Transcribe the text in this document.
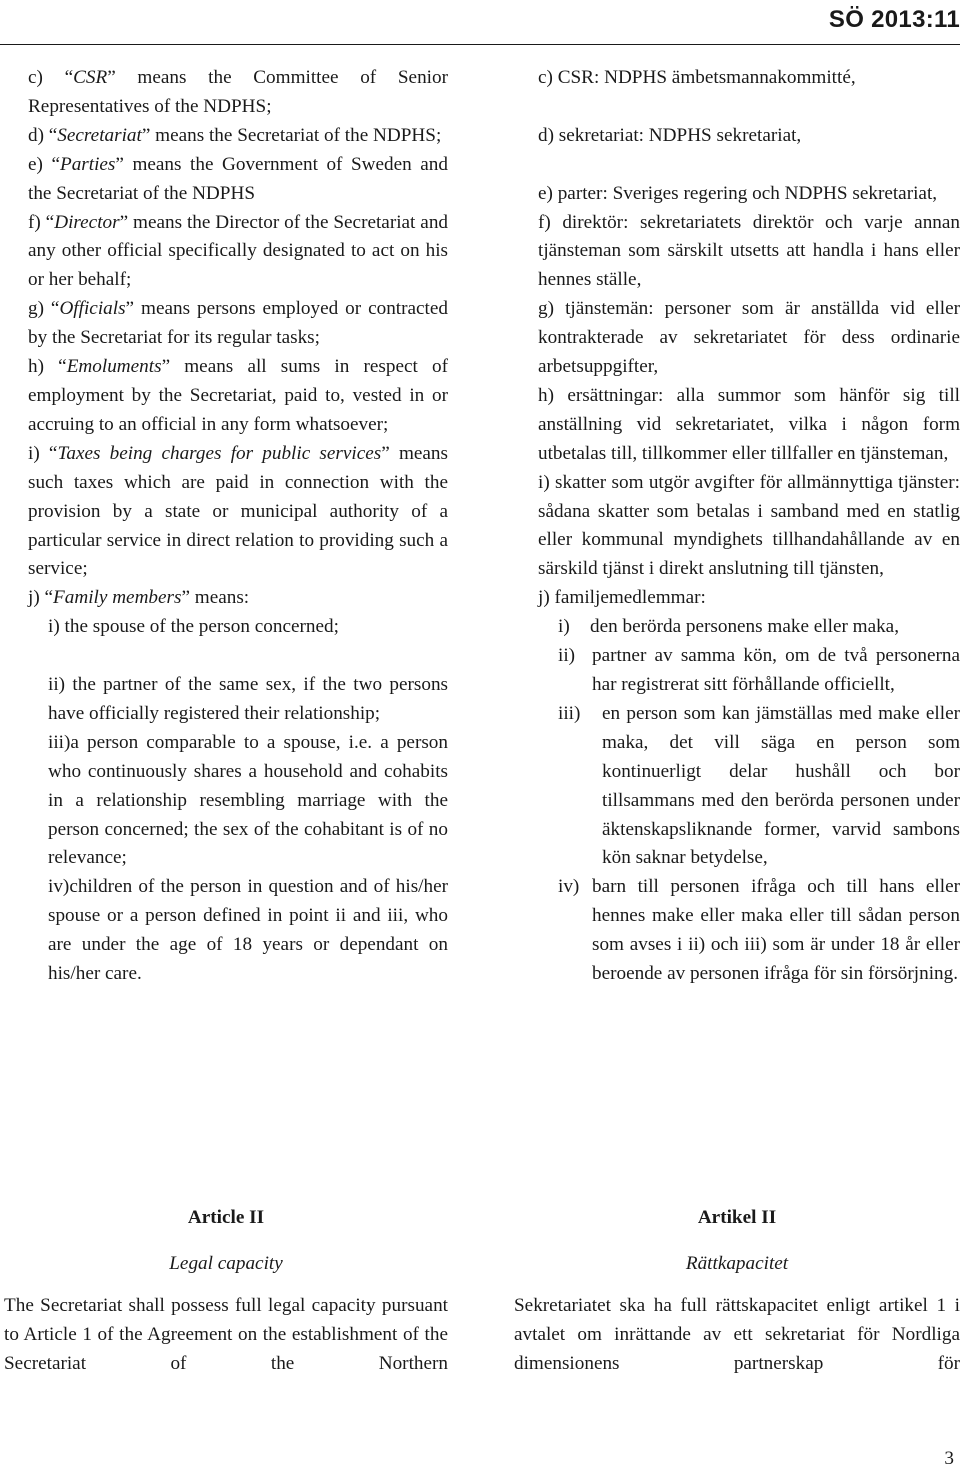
SÖ 2013:11

c) “CSR” means the Committee of Senior Representatives of the NDPHS;

d) “Secretariat” means the Secretariat of the NDPHS;

e) “Parties” means the Government of Sweden and the Secretariat of the NDPHS

f) “Director” means the Director of the Secretariat and any other official specifically designated to act on his or her behalf;

g) “Officials” means persons employed or contracted by the Secretariat for its regular tasks;

h) “Emoluments” means all sums in respect of employment by the Secretariat, paid to, vested in or accruing to an official in any form whatsoever;

i) “Taxes being charges for public services” means such taxes which are paid in connection with the provision by a state or municipal authority of a particular service in direct relation to providing such a service;

j) “Family members” means:

i) the spouse of the person concerned;

ii) the partner of the same sex, if the two persons have officially registered their relationship;

iii)a person comparable to a spouse, i.e. a person who continuously shares a household and cohabits in a relationship resembling marriage with the person concerned; the sex of the cohabitant is of no relevance;

iv)children of the person in question and of his/her spouse or a person defined in point ii and iii, who are under the age of 18 years or dependant on his/her care.

c) CSR: NDPHS ämbetsmannakommitté,

d) sekretariat: NDPHS sekretariat,

e) parter: Sveriges regering och NDPHS sekretariat,

f) direktör: sekretariatets direktör och varje annan tjänsteman som särskilt utsetts att handla i hans eller hennes ställe,

g) tjänstemän: personer som är anställda vid eller kontrakterade av sekretariatet för dess ordinarie arbetsuppgifter,

h) ersättningar: alla summor som hänför sig till anställning vid sekretariatet, vilka i någon form utbetalas till, tillkommer eller tillfaller en tjänsteman,

i) skatter som utgör avgifter för allmännyttiga tjänster: sådana skatter som betalas i samband med en statlig eller kommunal myndighets tillhandahållande av en särskild tjänst i direkt anslutning till tjänsten,

j) familjemedlemmar:

i)	den berörda personens make eller maka,
ii) partner av samma kön, om de två personerna har registrerat sitt förhållande officiellt,
iii)	en person som kan jämställas med make eller maka, det vill säga en person som kontinuerligt delar hushåll och bor tillsammans med den berörda personen under äktenskapsliknande former, varvid sambons kön saknar betydelse,
iv) barn till personen ifråga och till hans eller hennes make eller maka eller till sådan person som avses i ii) och iii) som är under 18 år eller beroende av personen ifråga för sin försörjning.

Article II

Legal capacity

The Secretariat shall possess full legal capacity pursuant to Article 1 of the Agreement on the establishment of the Secretariat of the Northern

Artikel II

Rättkapacitet

Sekretariatet ska ha full rättskapacitet enligt artikel 1 i avtalet om inrättande av ett sekretariat för Nordliga dimensionens partnerskap för

3
